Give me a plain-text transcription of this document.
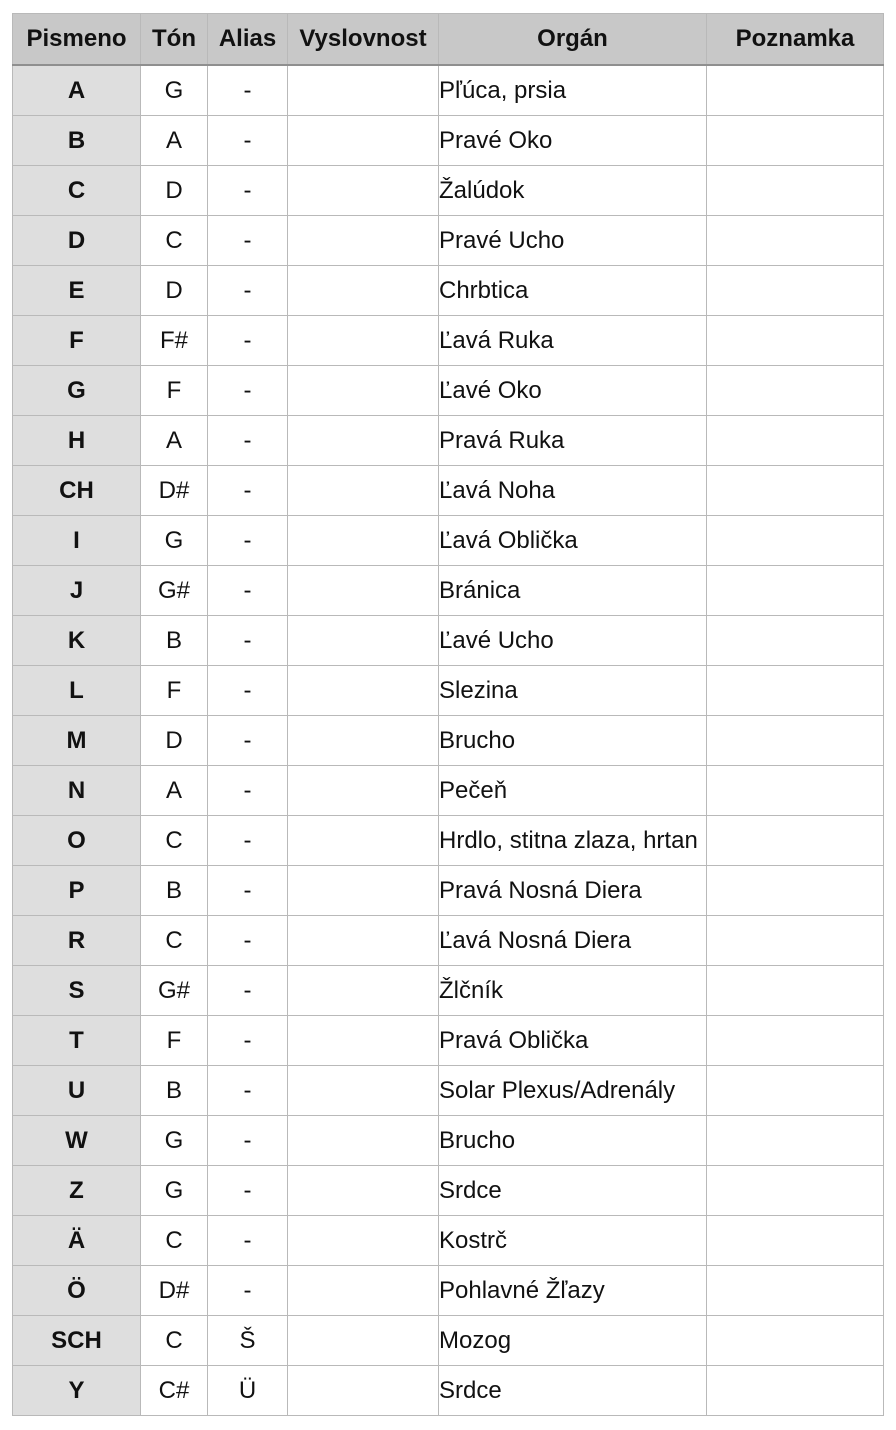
Pismeno	Tón	Alias	Vyslovnost	Orgán	Poznamka
A	G	-		Pľúca, prsia	
B	A	-		Pravé Oko	
C	D	-		Žalúdok	
D	C	-		Pravé Ucho	
E	D	-		Chrbtica	
F	F#	-		Ľavá Ruka	
G	F	-		Ľavé Oko	
H	A	-		Pravá Ruka	
CH	D#	-		Ľavá Noha	
I	G	-		Ľavá Oblička	
J	G#	-		Bránica	
K	B	-		Ľavé Ucho	
L	F	-		Slezina	
M	D	-		Brucho	
N	A	-		Pečeň	
O	C	-		Hrdlo, stitna zlaza, hrtan	
P	B	-		Pravá Nosná Diera	
R	C	-		Ľavá Nosná Diera	
S	G#	-		Žlčník	
T	F	-		Pravá Oblička	
U	B	-		Solar Plexus/Adrenály	
W	G	-		Brucho	
Z	G	-		Srdce	
Ä	C	-		Kostrč	
Ö	D#	-		Pohlavné Žľazy	
SCH	C	Š		Mozog	
Y	C#	Ü		Srdce	
